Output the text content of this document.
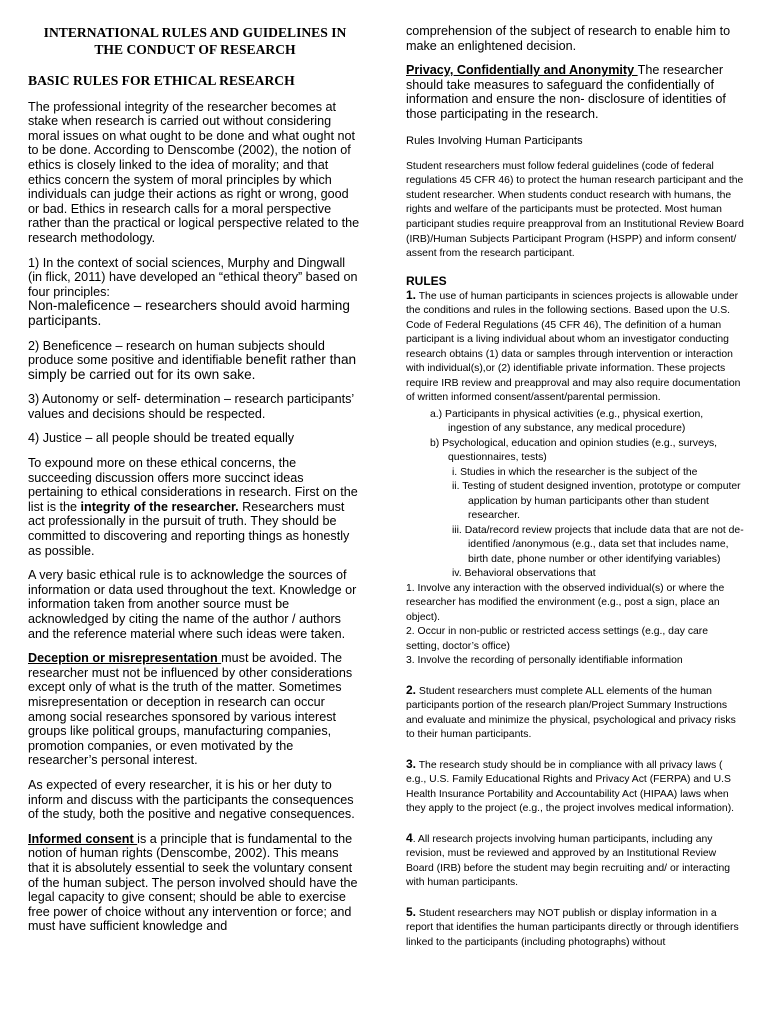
INTERNATIONAL RULES AND GUIDELINES IN THE CONDUCT OF RESEARCH
BASIC RULES FOR ETHICAL RESEARCH

The professional integrity of the researcher becomes at stake when research is carried out without considering moral issues on what ought to be done and what ought not to be done. According to Denscombe (2002), the notion of ethics is closely linked to the idea of morality; and that ethics concern the system of moral principles by which individuals can judge their actions as right or wrong, good or bad. Ethics in research calls for a moral perspective rather than the practical or logical perspective related to the research methodology.

1) In the context of social sciences, Murphy and Dingwall (in flick, 2011) have developed an “ethical theory” based on four principles:
Non-maleficence – researchers should avoid harming participants.

2) Beneficence – research on human subjects should produce some positive and identifiable benefit rather than simply be carried out for its own sake.

3) Autonomy or self- determination – research participants’ values and decisions should be respected.

4) Justice – all people should be treated equally

To expound more on these ethical concerns, the succeeding discussion offers more succinct ideas pertaining to ethical considerations in research. First on the list is the integrity of the researcher. Researchers must act professionally in the pursuit of truth. They should be committed to discovering and reporting things as honestly as possible.

A very basic ethical rule is to acknowledge the sources of information or data used throughout the text. Knowledge or information taken from another source must be acknowledged by citing the name of the author / authors and the reference material where such ideas were taken.

Deception or misrepresentation must be avoided. The researcher must not be influenced by other considerations except only of what is the truth of the matter. Sometimes misrepresentation or deception in research can occur among social researches sponsored by various interest groups like political groups, manufacturing companies, promotion companies, or even motivated by the researcher’s personal interest.

As expected of every researcher, it is his or her duty to inform and discuss with the participants the consequences of the study, both the positive and negative consequences.

Informed consent is a principle that is fundamental to the notion of human rights (Denscombe, 2002). This means that it is absolutely essential to seek the voluntary consent of the human subject. The person involved should have the legal capacity to give consent; should be able to exercise free power of choice without any intervention or force; and must have sufficient knowledge and

comprehension of the subject of research to enable him to make an enlightened decision.
Privacy, Confidentially and Anonymity The researcher should take measures to safeguard the confidentially of information and ensure the non- disclosure of identities of those participating in the research.
Rules Involving Human Participants
Student researchers must follow federal guidelines (code of federal regulations 45 CFR 46) to protect the human research participant and the student researcher. When students conduct research with humans, the rights and welfare of the participants must be protected. Most human participant studies require preapproval from an Institutional Review Board (IRB)/Human Subjects Participant Program (HSPP) and inform consent/ assent from the research participant.
RULES
1. The use of human participants in sciences projects is allowable under the conditions and rules in the following sections. Based upon the U.S. Code of Federal Regulations (45 CFR 46), The definition of a human participant is a living individual about whom an investigator conducting research obtains (1) data or samples through intervention or interaction with individual(s),or (2) identifiable private information. These projects require IRB review and preapproval and may also require documentation of written informed consent/assent/parental permission.
a.) Participants in physical activities (e.g., physical exertion, ingestion of any substance, any medical procedure)
b) Psychological, education and opinion studies (e.g., surveys, questionnaires, tests)
i. Studies in which the researcher is the subject of the
ii. Testing of student designed invention, prototype or computer application by human participants other than student researcher.
iii. Data/record review projects that include data that are not de- identified /anonymous (e.g., data set that includes name, birth date, phone number or other identifying variables)
iv. Behavioral observations that
1. Involve any interaction with the observed individual(s) or where the researcher has modified the environment (e.g., post a sign, place an object).
2. Occur in non-public or restricted access settings (e.g., day care setting, doctor’s office)
3. Involve the recording of personally identifiable information
2. Student researchers must complete ALL elements of the human participants portion of the research plan/Project Summary Instructions and evaluate and minimize the physical, psychological and privacy risks to their human participants.
3. The research study should be in compliance with all privacy laws ( e.g., U.S. Family Educational Rights and Privacy Act (FERPA) and U.S Health Insurance Portability and Accountability Act (HIPAA) laws when they apply to the project (e.g., the project involves medical information).
4. All research projects involving human participants, including any revision, must be reviewed and approved by an Institutional Review Board (IRB) before the student may begin recruiting and/ or interacting with human participants.
5. Student researchers may NOT publish or display information in a report that identifies the human participants directly or through identifiers linked to the participants (including photographs) without
